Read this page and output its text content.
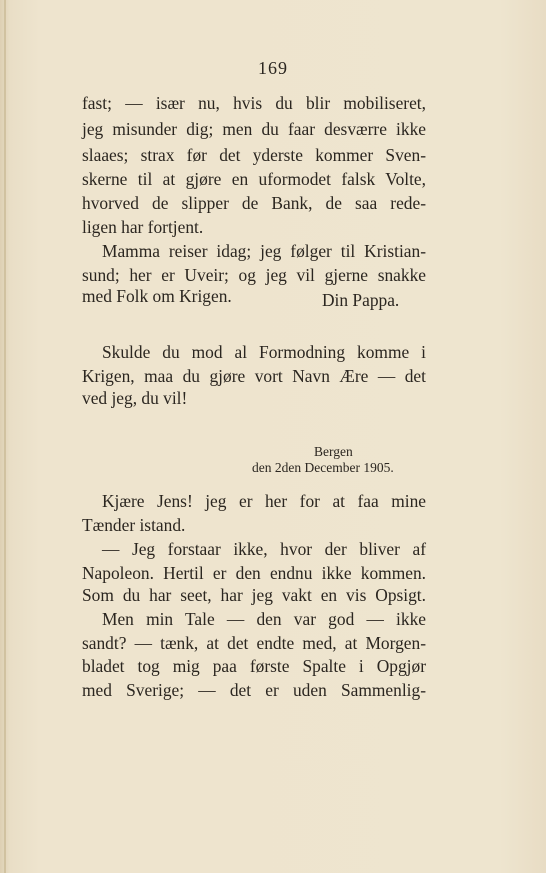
169

fast; — især nu, hvis du blir mobiliseret,

jeg misunder dig; men du faar desværre ikke

slaaes; strax før det yderste kommer Sven-

skerne til at gjøre en uformodet falsk Volte,

hvorved de slipper de Bank, de saa rede-

ligen har fortjent.

Mamma reiser idag; jeg følger til Kristian-

sund; her er Uveir; og jeg vil gjerne snakke

med Folk om Krigen.	Din Pappa.

Skulde du mod al Formodning komme i

Krigen, maa du gjøre vort Navn Ære — det

ved jeg, du vil!

Bergen
den 2den December 1905.

Kjære Jens! jeg er her for at faa mine

Tænder istand.

— Jeg forstaar ikke, hvor der bliver af

Napoleon. Hertil er den endnu ikke kommen.

Som du har seet, har jeg vakt en vis Opsigt.

Men min Tale — den var god — ikke

sandt? — tænk, at det endte med, at Morgen-

bladet tog mig paa første Spalte i Opgjør

med Sverige; — det er uden Sammenlig-
